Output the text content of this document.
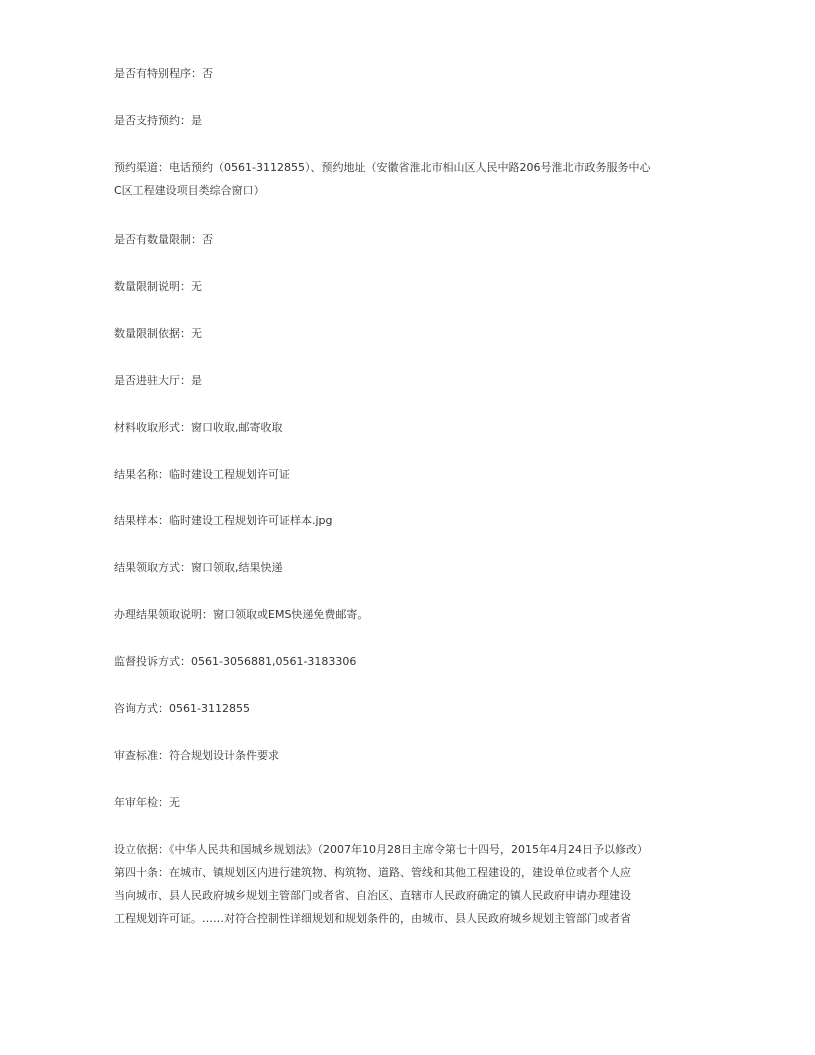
是否有特别程序：否

是否支持预约：是

预约渠道：电话预约（0561-3112855）、预约地址（安徽省淮北市相山区人民中路206号淮北市政务服务中心
C区工程建设项目类综合窗口）

是否有数量限制：否

数量限制说明：无

数量限制依据：无

是否进驻大厅：是

材料收取形式：窗口收取,邮寄收取

结果名称：临时建设工程规划许可证

结果样本：临时建设工程规划许可证样本.jpg

结果领取方式：窗口领取,结果快递

办理结果领取说明：窗口领取或EMS快递免费邮寄。

监督投诉方式：0561-3056881,0561-3183306

咨询方式：0561-3112855

审查标准：符合规划设计条件要求

年审年检：无

设立依据：《中华人民共和国城乡规划法》（2007年10月28日主席令第七十四号，2015年4月24日予以修改）
第四十条：在城市、镇规划区内进行建筑物、构筑物、道路、管线和其他工程建设的，建设单位或者个人应
当向城市、县人民政府城乡规划主管部门或者省、自治区、直辖市人民政府确定的镇人民政府申请办理建设
工程规划许可证。……对符合控制性详细规划和规划条件的，由城市、县人民政府城乡规划主管部门或者省
